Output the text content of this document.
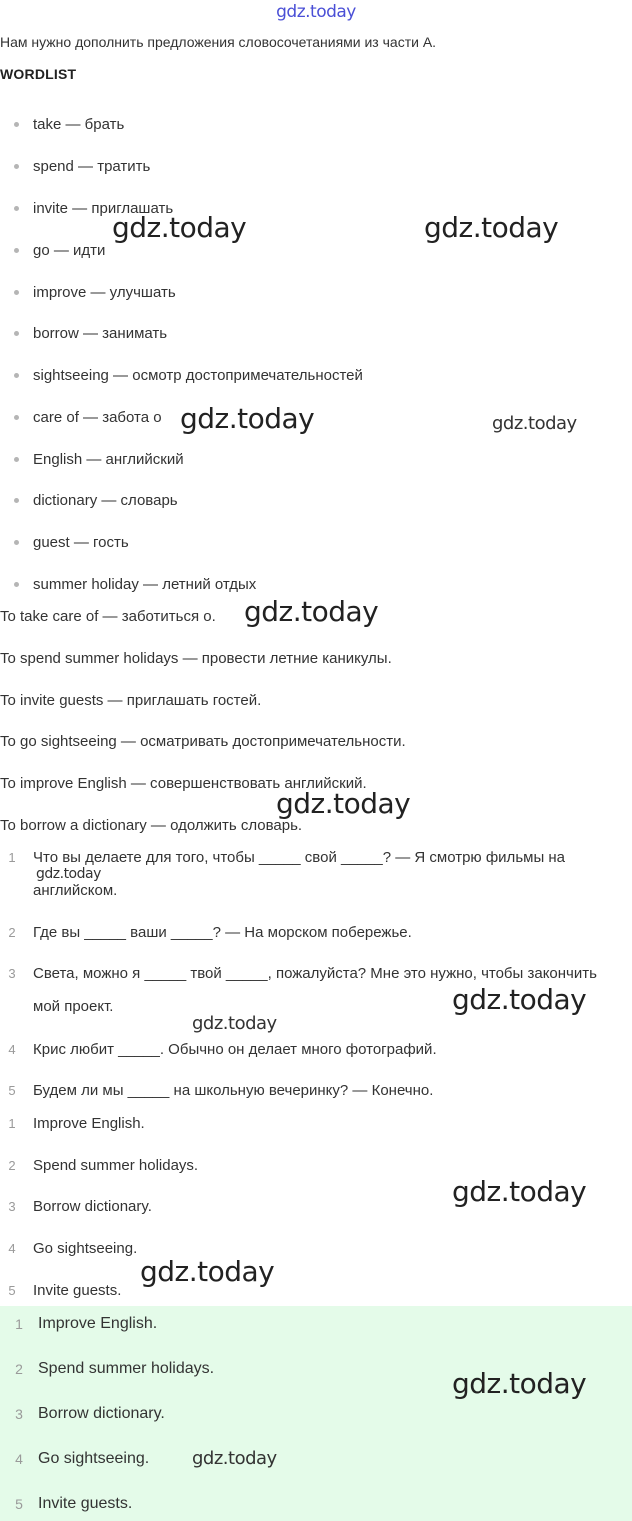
gdz.today
Нам нужно дополнить предложения словосочетаниями из части A.
WORDLIST
take — брать
spend — тратить
invite — приглашать
go — идти
improve — улучшать
borrow — занимать
sightseeing — осмотр достопримечательностей
care of — забота о
English — английский
dictionary — словарь
guest — гость
summer holiday — летний отдых
To take care of — заботиться о.
To spend summer holidays — провести летние каникулы.
To invite guests — приглашать гостей.
To go sightseeing — осматривать достопримечательности.
To improve English — совершенствовать английский.
To borrow a dictionary — одолжить словарь.
1 Что вы делаете для того, чтобы _____ свой _____? — Я смотрю фильмы на английском.
2 Где вы _____ ваши _____? — На морском побережье.
3 Света, можно я _____ твой _____, пожалуйста? Мне это нужно, чтобы закончить мой проект.
4 Крис любит _____. Обычно он делает много фотографий.
5 Будем ли мы _____ на школьную вечеринку? — Конечно.
1 Improve English.
2 Spend summer holidays.
3 Borrow dictionary.
4 Go sightseeing.
5 Invite guests.
1 Improve English.
2 Spend summer holidays.
3 Borrow dictionary.
4 Go sightseeing.
5 Invite guests.
gdz.today	gdz.today
gdz.today	gdz.today
gdz.today
gdz.today
gdz.today
gdz.today
gdz.today
gdz.today
gdz.today
gdz.today
gdz.today
